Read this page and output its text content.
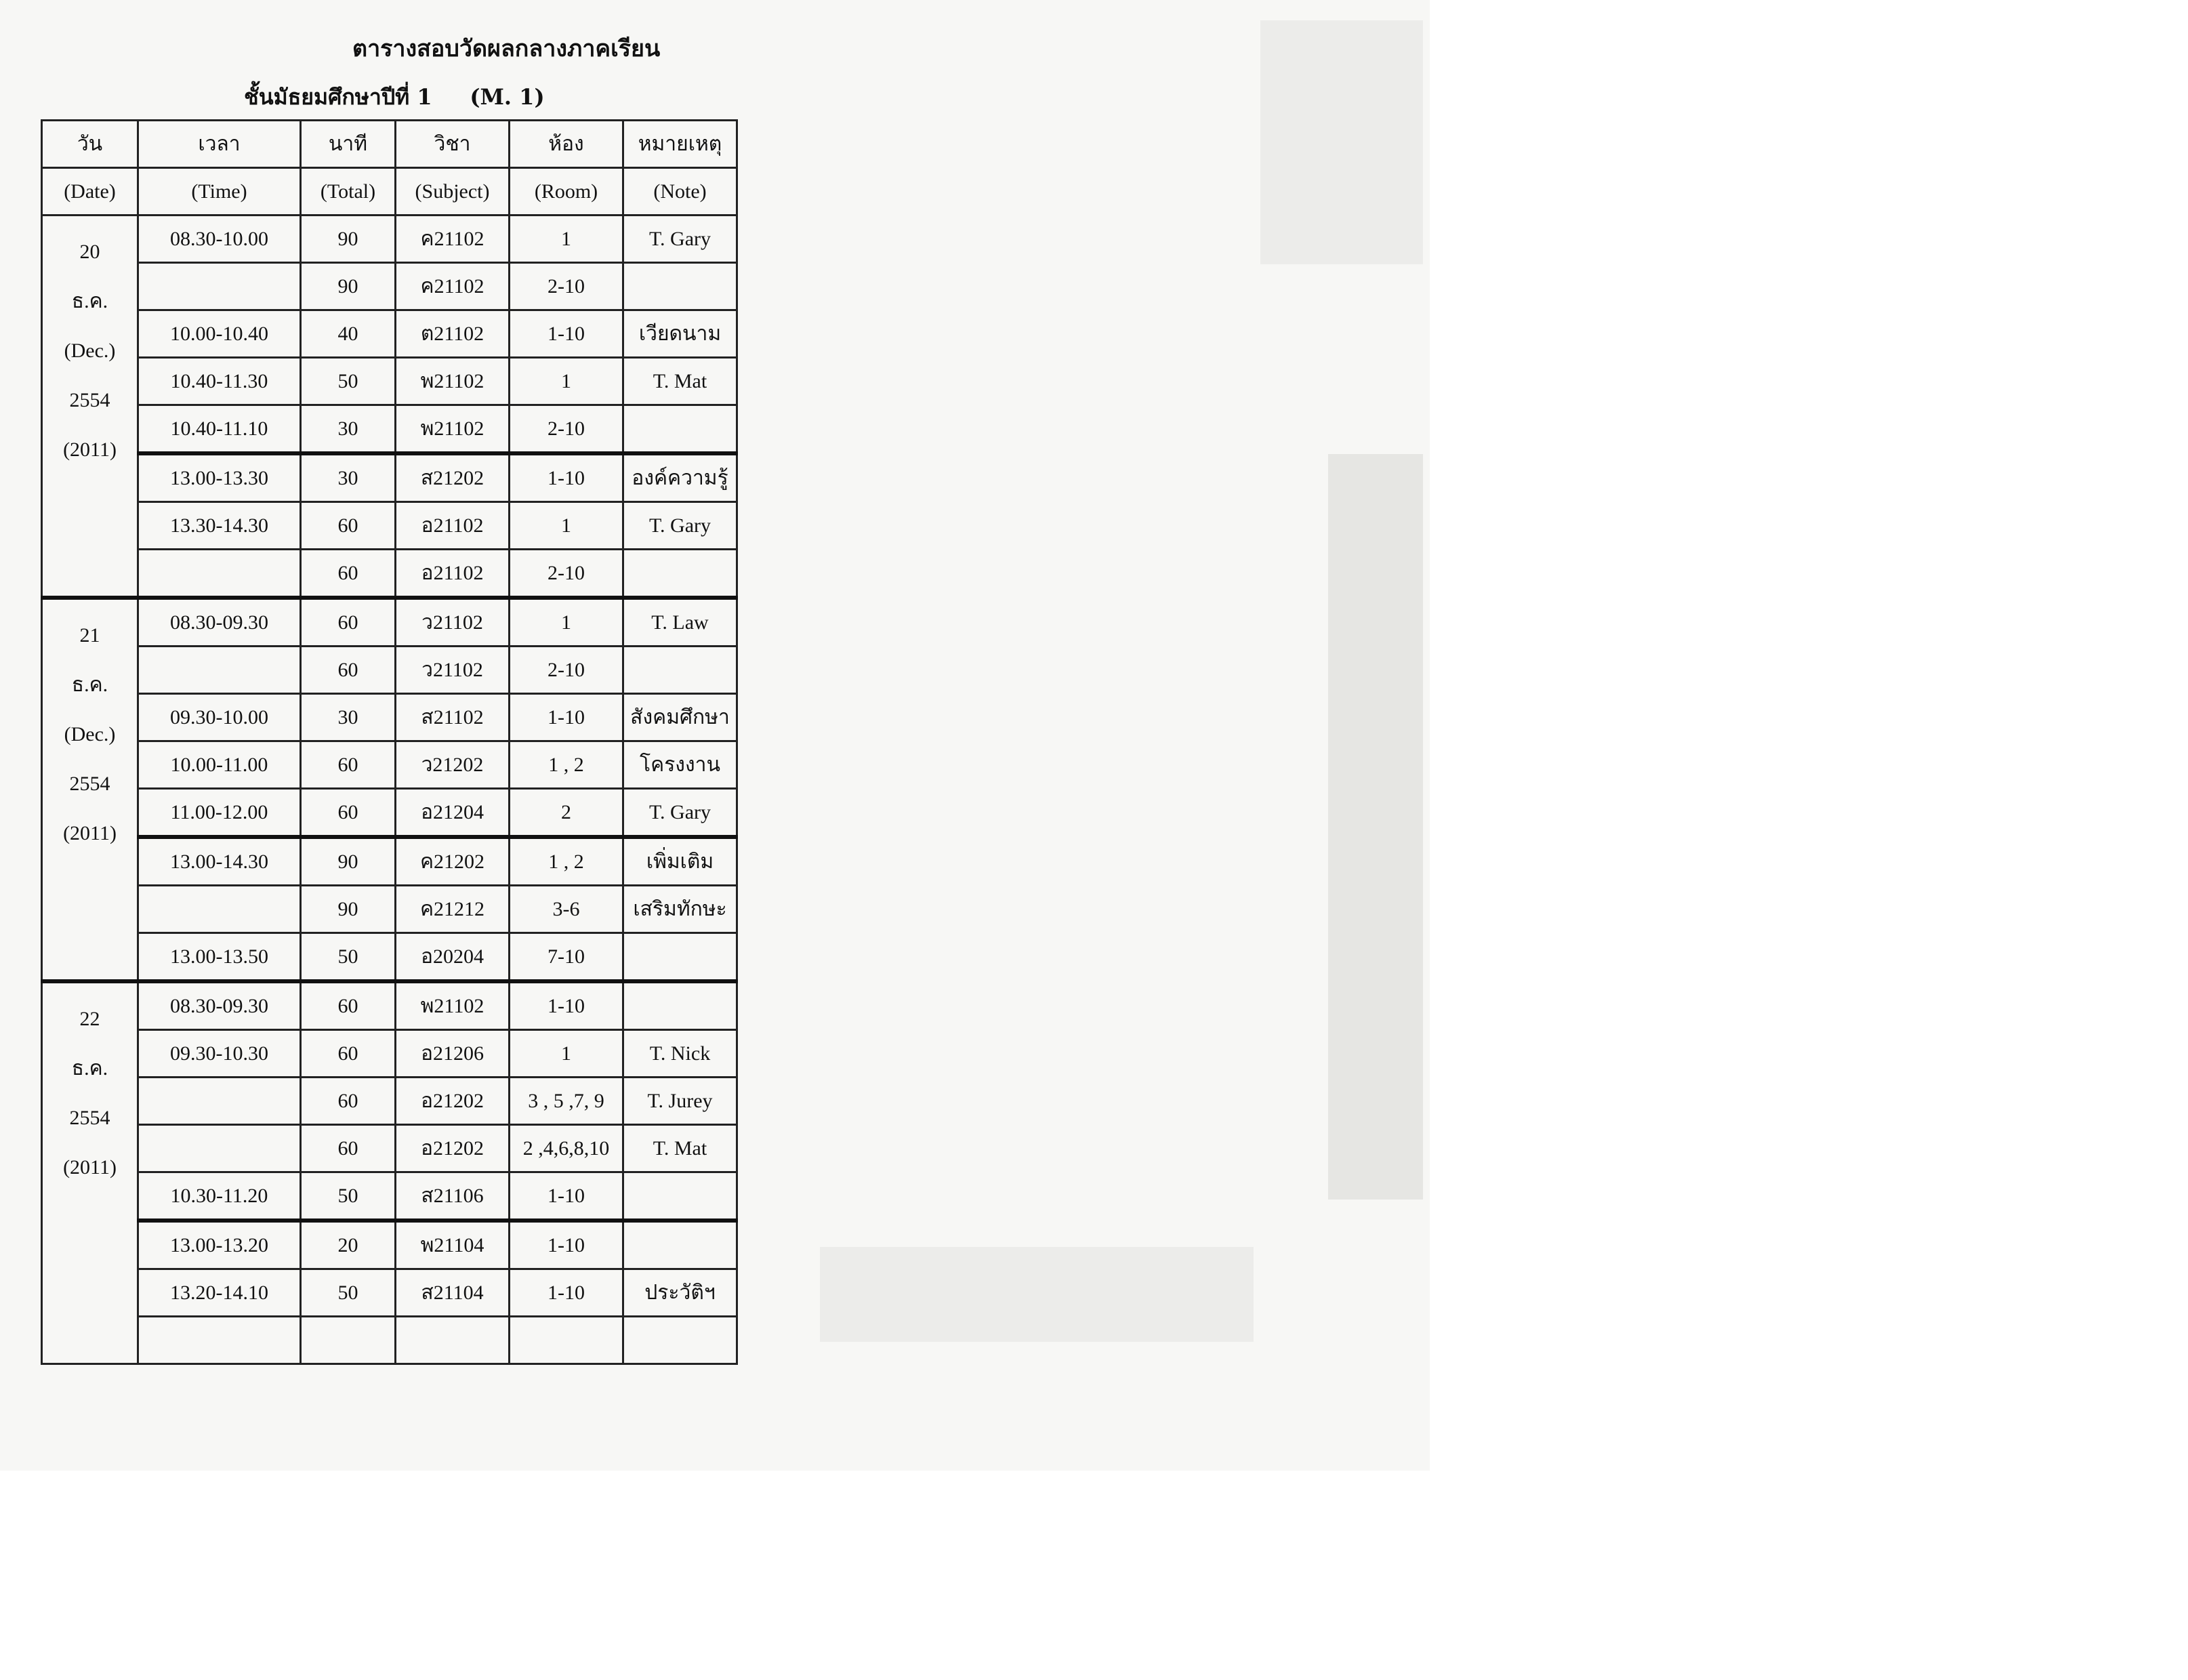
ตารางสอบวัดผลกลางภาคเรียน
ชั้นมัธยมศึกษาปีที่ 1     (M. 1)
วัน	เวลา	นาที	วิชา	ห้อง	หมายเหตุ
(Date)	(Time)	(Total)	(Subject)	(Room)	(Note)

20
ธ.ค.
(Dec.)
2554
(2011)	08.30-10.00	90	ค21102	1	T. Gary
		90	ค21102	2-10	
	10.00-10.40	40	ต21102	1-10	เวียดนาม
	10.40-11.30	50	พ21102	1	T. Mat
	10.40-11.10	30	พ21102	2-10	
	13.00-13.30	30	ส21202	1-10	องค์ความรู้
	13.30-14.30	60	อ21102	1	T. Gary
		60	อ21102	2-10	

21
ธ.ค.
(Dec.)
2554
(2011)	08.30-09.30	60	ว21102	1	T. Law
		60	ว21102	2-10	
	09.30-10.00	30	ส21102	1-10	สังคมศึกษา
	10.00-11.00	60	ว21202	1 , 2	โครงงาน
	11.00-12.00	60	อ21204	2	T. Gary
	13.00-14.30	90	ค21202	1 , 2	เพิ่มเติม
		90	ค21212	3-6	เสริมทักษะ
	13.00-13.50	50	อ20204	7-10	

22
ธ.ค.
2554
(2011)	08.30-09.30	60	พ21102	1-10	
	09.30-10.30	60	อ21206	1	T. Nick
		60	อ21202	3 , 5 ,7, 9	T. Jurey
		60	อ21202	2 ,4,6,8,10	T. Mat
	10.30-11.20	50	ส21106	1-10	
	13.00-13.20	20	พ21104	1-10	
	13.20-14.10	50	ส21104	1-10	ประวัติฯ
